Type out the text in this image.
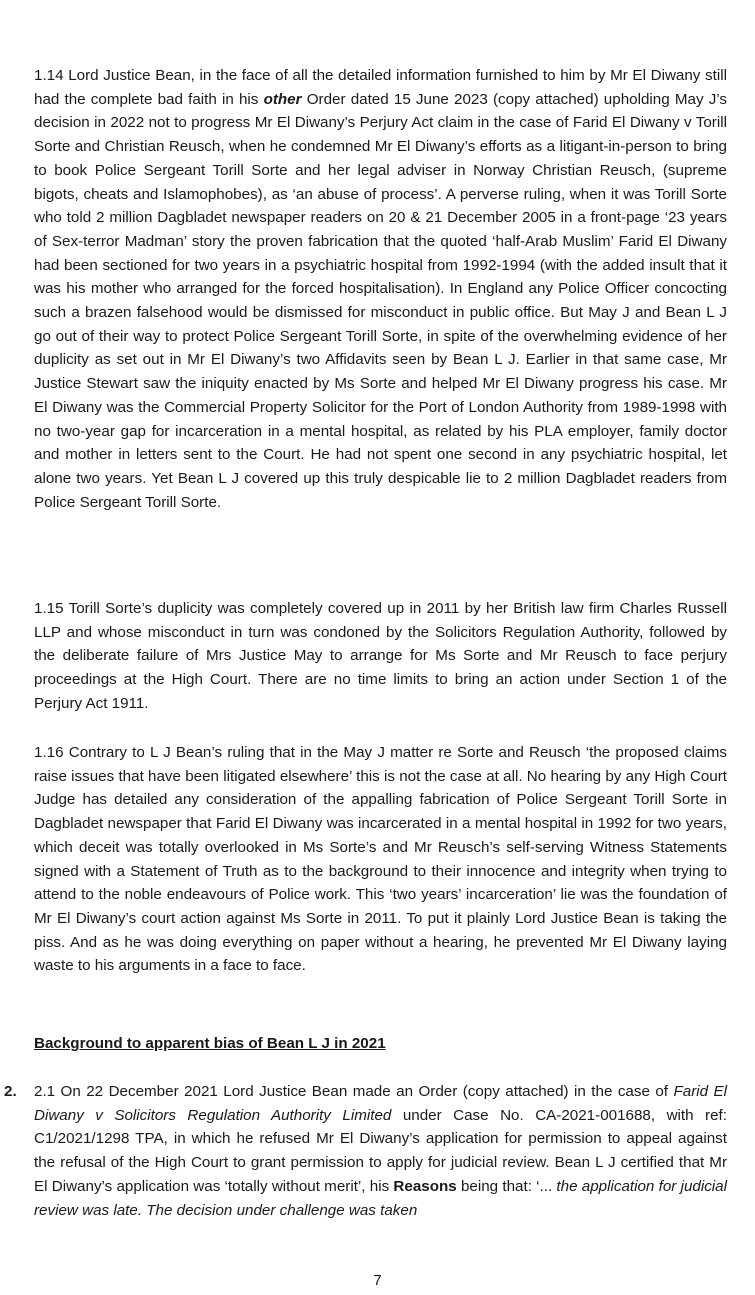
1.14 Lord Justice Bean, in the face of all the detailed information furnished to him by Mr El Diwany still had the complete bad faith in his other Order dated 15 June 2023 (copy attached) upholding May J’s decision in 2022 not to progress Mr El Diwany’s Perjury Act claim in the case of Farid El Diwany v Torill Sorte and Christian Reusch, when he condemned Mr El Diwany’s efforts as a litigant-in-person to bring to book Police Sergeant Torill Sorte and her legal adviser in Norway Christian Reusch, (supreme bigots, cheats and Islamophobes), as ‘an abuse of process’. A perverse ruling, when it was Torill Sorte who told 2 million Dagbladet newspaper readers on 20 & 21 December 2005 in a front-page ‘23 years of Sex-terror Madman’ story the proven fabrication that the quoted ‘half-Arab Muslim’ Farid El Diwany had been sectioned for two years in a psychiatric hospital from 1992-1994 (with the added insult that it was his mother who arranged for the forced hospitalisation). In England any Police Officer concocting such a brazen falsehood would be dismissed for misconduct in public office. But May J and Bean L J go out of their way to protect Police Sergeant Torill Sorte, in spite of the overwhelming evidence of her duplicity as set out in Mr El Diwany’s two Affidavits seen by Bean L J. Earlier in that same case, Mr Justice Stewart saw the iniquity enacted by Ms Sorte and helped Mr El Diwany progress his case. Mr El Diwany was the Commercial Property Solicitor for the Port of London Authority from 1989-1998 with no two-year gap for incarceration in a mental hospital, as related by his PLA employer, family doctor and mother in letters sent to the Court. He had not spent one second in any psychiatric hospital, let alone two years. Yet Bean L J covered up this truly despicable lie to 2 million Dagbladet readers from Police Sergeant Torill Sorte.

1.15 Torill Sorte’s duplicity was completely covered up in 2011 by her British law firm Charles Russell LLP and whose misconduct in turn was condoned by the Solicitors Regulation Authority, followed by the deliberate failure of Mrs Justice May to arrange for Ms Sorte and Mr Reusch to face perjury proceedings at the High Court. There are no time limits to bring an action under Section 1 of the Perjury Act 1911.

1.16 Contrary to L J Bean’s ruling that in the May J matter re Sorte and Reusch ‘the proposed claims raise issues that have been litigated elsewhere’ this is not the case at all. No hearing by any High Court Judge has detailed any consideration of the appalling fabrication of Police Sergeant Torill Sorte in Dagbladet newspaper that Farid El Diwany was incarcerated in a mental hospital in 1992 for two years, which deceit was totally overlooked in Ms Sorte’s and Mr Reusch’s self-serving Witness Statements signed with a Statement of Truth as to the background to their innocence and integrity when trying to attend to the noble endeavours of Police work. This ‘two years’ incarceration’ lie was the foundation of Mr El Diwany’s court action against Ms Sorte in 2011. To put it plainly Lord Justice Bean is taking the piss. And as he was doing everything on paper without a hearing, he prevented Mr El Diwany laying waste to his arguments in a face to face.

Background to apparent bias of Bean L J in 2021

2. 2.1 On 22 December 2021 Lord Justice Bean made an Order (copy attached) in the case of Farid El Diwany v Solicitors Regulation Authority Limited under Case No. CA-2021-001688, with ref: C1/2021/1298 TPA, in which he refused Mr El Diwany’s application for permission to appeal against the refusal of the High Court to grant permission to apply for judicial review. Bean L J certified that Mr El Diwany’s application was ‘totally without merit’, his Reasons being that: ‘... the application for judicial review was late. The decision under challenge was taken

7
